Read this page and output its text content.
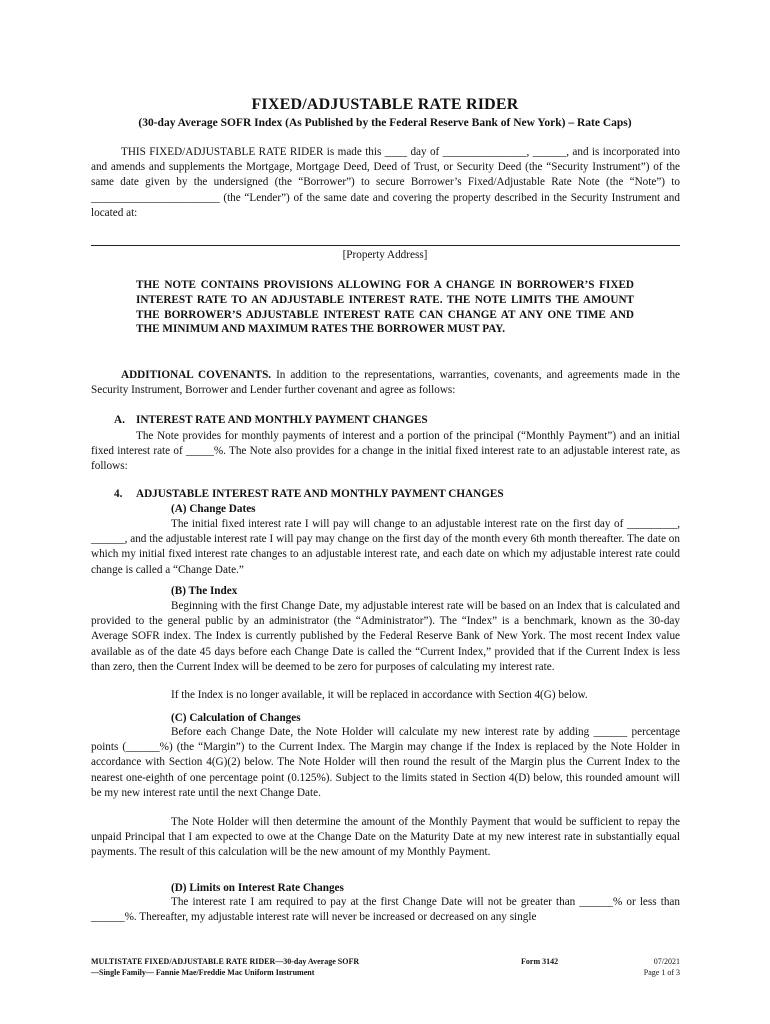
FIXED/ADJUSTABLE RATE RIDER
(30-day Average SOFR Index (As Published by the Federal Reserve Bank of New York) – Rate Caps)
THIS FIXED/ADJUSTABLE RATE RIDER is made this ____ day of _______________, ______, and is incorporated into and amends and supplements the Mortgage, Mortgage Deed, Deed of Trust, or Security Deed (the “Security Instrument”) of the same date given by the undersigned (the “Borrower”) to secure Borrower’s Fixed/Adjustable Rate Note (the “Note”) to _______________________ (the “Lender”) of the same date and covering the property described in the Security Instrument and located at:
[Property Address]
THE NOTE CONTAINS PROVISIONS ALLOWING FOR A CHANGE IN BORROWER’S FIXED INTEREST RATE TO AN ADJUSTABLE INTEREST RATE. THE NOTE LIMITS THE AMOUNT THE BORROWER’S ADJUSTABLE INTEREST RATE CAN CHANGE AT ANY ONE TIME AND THE MINIMUM AND MAXIMUM RATES THE BORROWER MUST PAY.
ADDITIONAL COVENANTS. In addition to the representations, warranties, covenants, and agreements made in the Security Instrument, Borrower and Lender further covenant and agree as follows:
A. INTEREST RATE AND MONTHLY PAYMENT CHANGES
The Note provides for monthly payments of interest and a portion of the principal (“Monthly Payment”) and an initial fixed interest rate of _____%. The Note also provides for a change in the initial fixed interest rate to an adjustable interest rate, as follows:
4. ADJUSTABLE INTEREST RATE AND MONTHLY PAYMENT CHANGES
(A) Change Dates
The initial fixed interest rate I will pay will change to an adjustable interest rate on the first day of _________, ______, and the adjustable interest rate I will pay may change on the first day of the month every 6th month thereafter. The date on which my initial fixed interest rate changes to an adjustable interest rate, and each date on which my adjustable interest rate could change is called a “Change Date.”
(B) The Index
Beginning with the first Change Date, my adjustable interest rate will be based on an Index that is calculated and provided to the general public by an administrator (the “Administrator”). The “Index” is a benchmark, known as the 30-day Average SOFR index. The Index is currently published by the Federal Reserve Bank of New York. The most recent Index value available as of the date 45 days before each Change Date is called the “Current Index,” provided that if the Current Index is less than zero, then the Current Index will be deemed to be zero for purposes of calculating my interest rate.
If the Index is no longer available, it will be replaced in accordance with Section 4(G) below.
(C) Calculation of Changes
Before each Change Date, the Note Holder will calculate my new interest rate by adding ______ percentage points (______%) (the “Margin”) to the Current Index. The Margin may change if the Index is replaced by the Note Holder in accordance with Section 4(G)(2) below. The Note Holder will then round the result of the Margin plus the Current Index to the nearest one-eighth of one percentage point (0.125%). Subject to the limits stated in Section 4(D) below, this rounded amount will be my new interest rate until the next Change Date.
The Note Holder will then determine the amount of the Monthly Payment that would be sufficient to repay the unpaid Principal that I am expected to owe at the Change Date on the Maturity Date at my new interest rate in substantially equal payments. The result of this calculation will be the new amount of my Monthly Payment.
(D) Limits on Interest Rate Changes
The interest rate I am required to pay at the first Change Date will not be greater than ______% or less than ______%. Thereafter, my adjustable interest rate will never be increased or decreased on any single
MULTISTATE FIXED/ADJUSTABLE RATE RIDER—30-day Average SOFR
—Single Family— Fannie Mae/Freddie Mac Uniform Instrument
Form 3142	07/2021
Page 1 of 3
